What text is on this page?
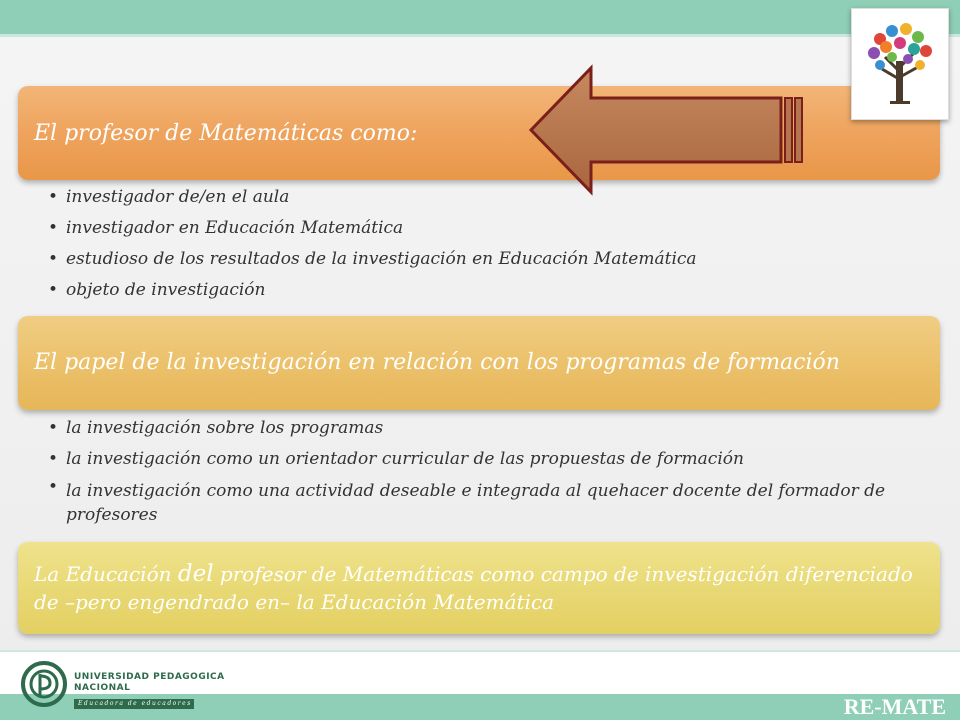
El profesor de Matemáticas como:
• investigador de/en el aula
• investigador en Educación Matemática
• estudioso de los resultados de la investigación en Educación Matemática
• objeto de investigación
El papel de la investigación en relación con los programas de formación
• la investigación sobre los programas
• la investigación como un orientador curricular de las propuestas de formación
• la investigación como una actividad deseable e integrada al quehacer docente del formador de profesores
La Educación del profesor de Matemáticas como campo de investigación diferenciado de –pero engendrado en– la Educación Matemática
UNIVERSIDAD PEDAGOGICA
NACIONAL
Educadora de educadores	RE-MATE
